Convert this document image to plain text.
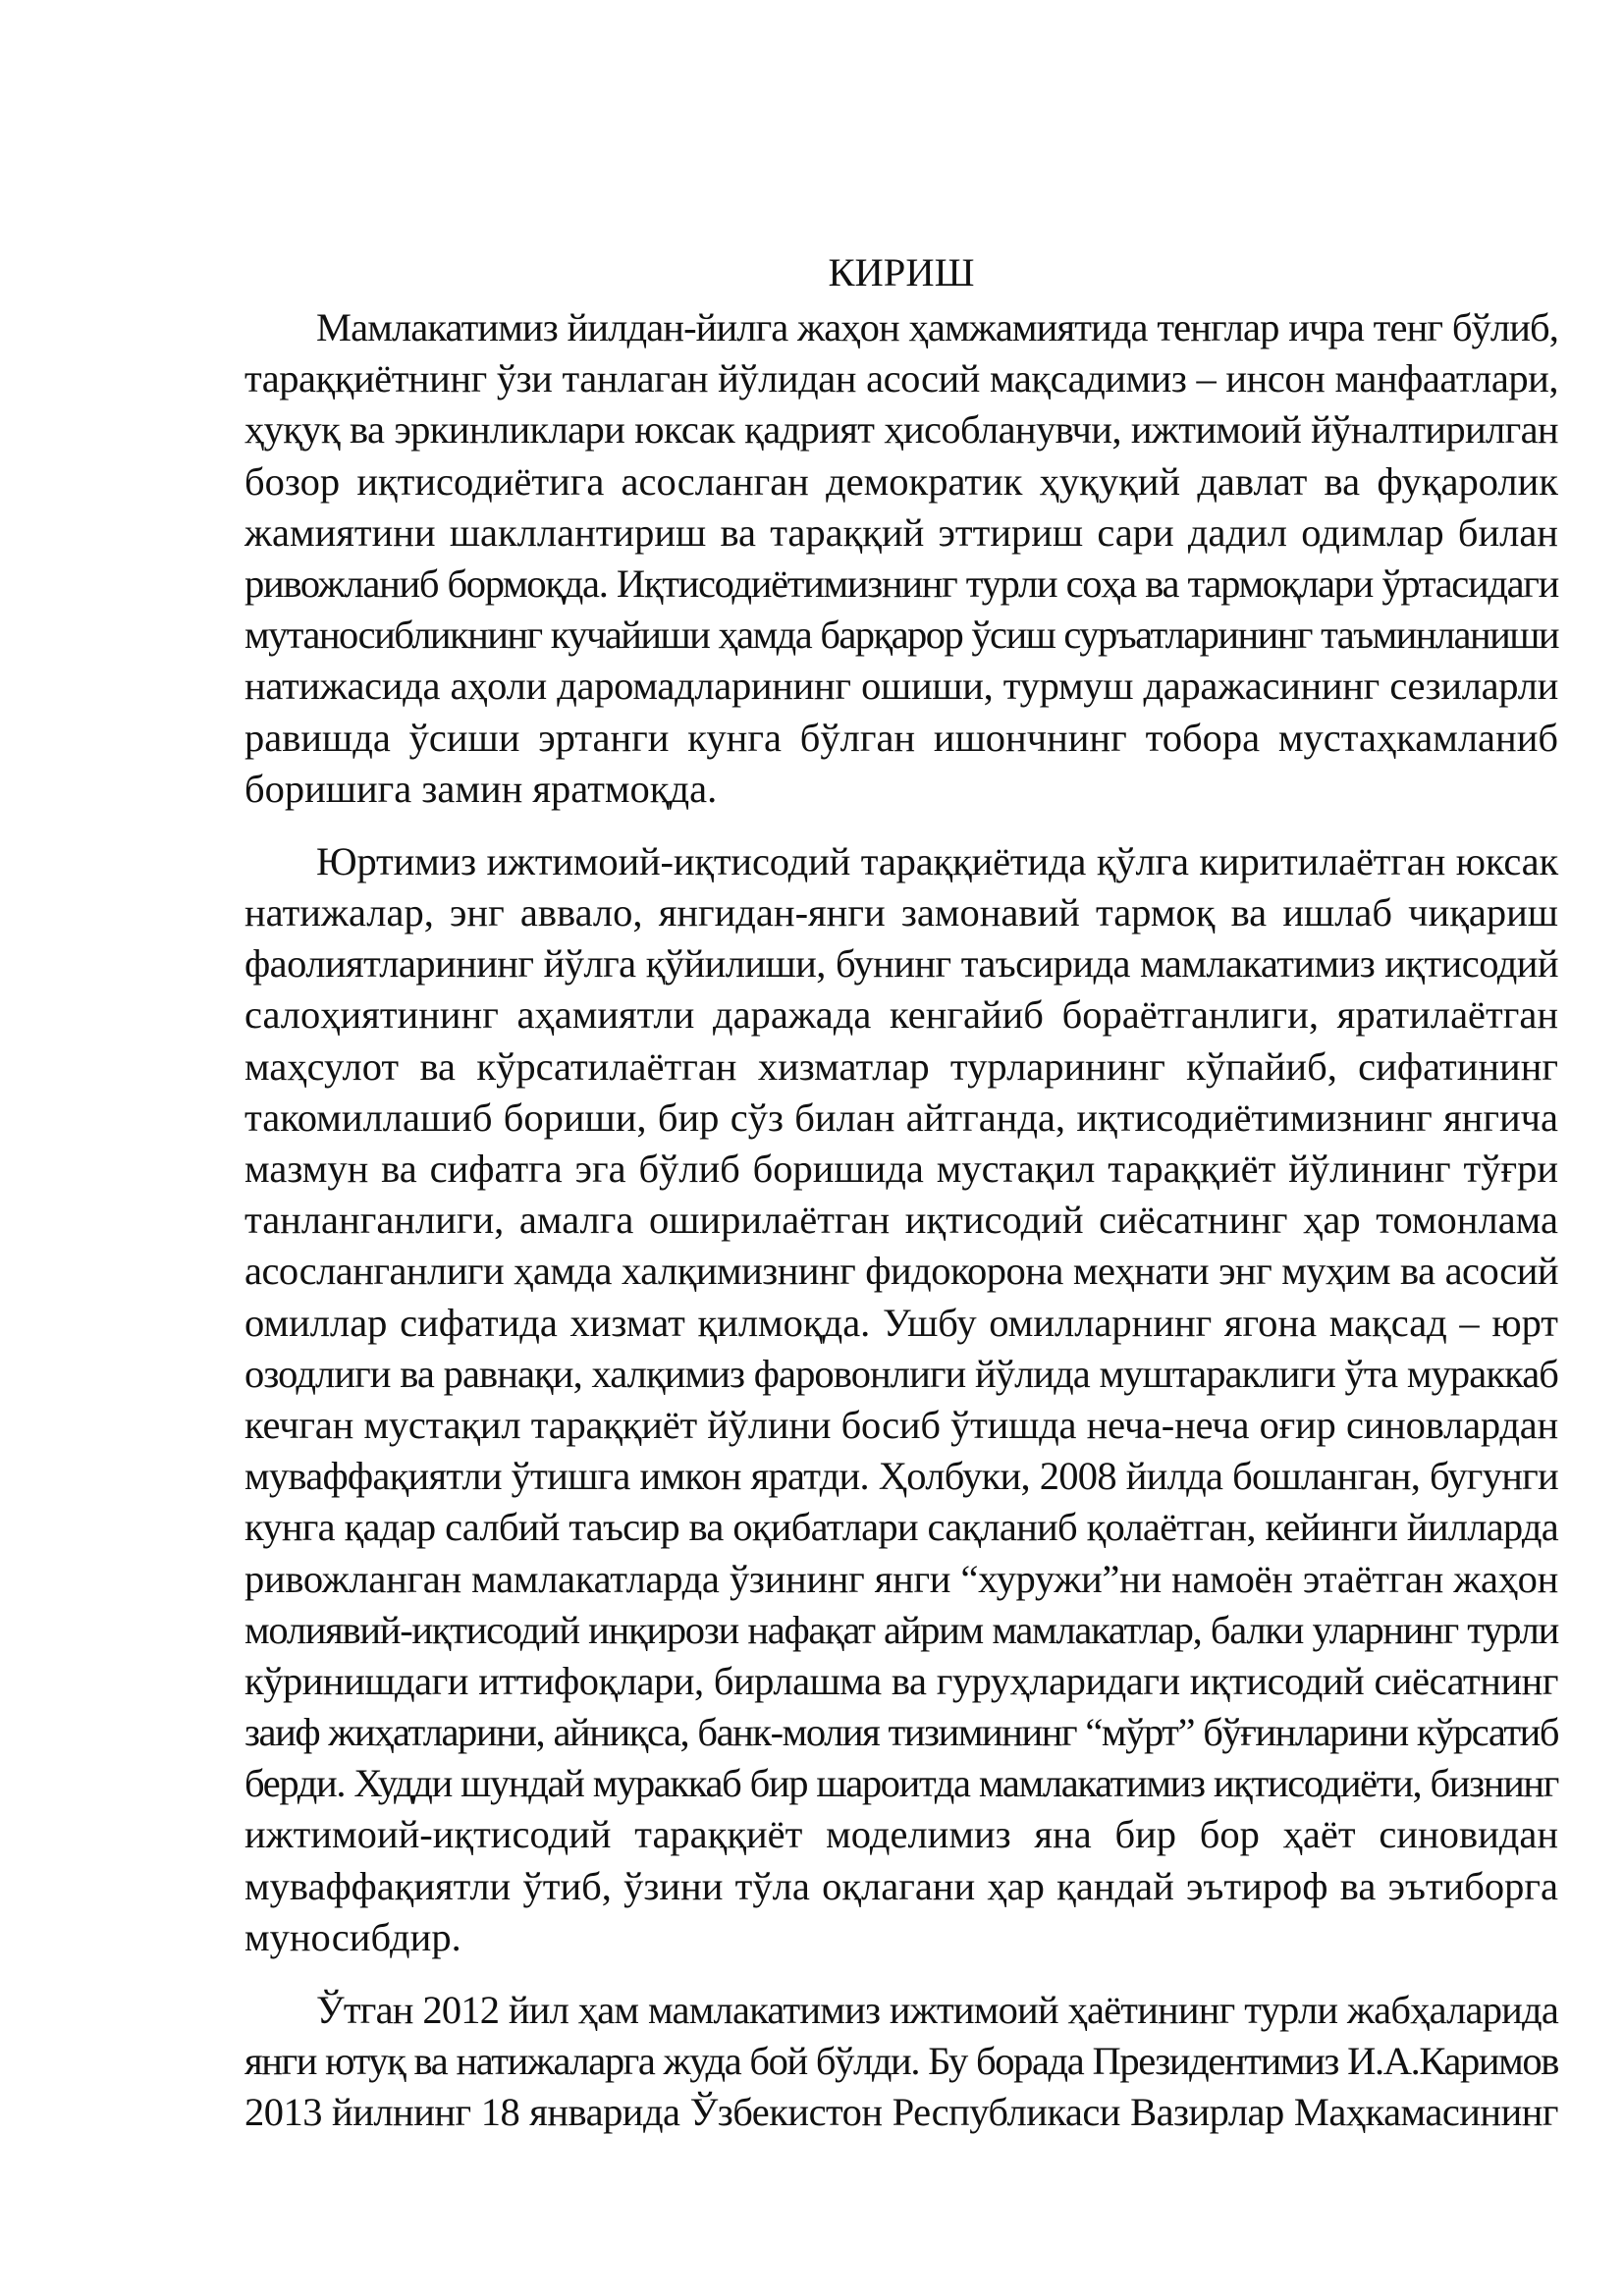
КИРИШ
Мамлакатимиз йилдан-йилга жаҳон ҳамжамиятида тенглар ичра тенг бўлиб,
тараққиётнинг ўзи танлаган йўлидан асосий мақсадимиз – инсон манфаатлари,
ҳуқуқ ва эркинликлари юксак қадрият ҳисобланувчи, ижтимоий йўналтирилган
бозор иқтисодиётига асосланган демократик ҳуқуқий давлат ва фуқаролик
жамиятини шакллантириш ва тараққий эттириш сари дадил одимлар билан
ривожланиб бормоқда. Иқтисодиётимизнинг турли соҳа ва тармоқлари ўртасидаги
мутаносибликнинг кучайиши ҳамда барқарор ўсиш суръатларининг таъминланиши
натижасида аҳоли даромадларининг ошиши, турмуш даражасининг сезиларли
равишда ўсиши эртанги кунга бўлган ишончнинг тобора мустаҳкамланиб
боришига замин яратмоқда.
Юртимиз ижтимоий-иқтисодий тараққиётида қўлга киритилаётган юксак
натижалар, энг аввало, янгидан-янги замонавий тармоқ ва ишлаб чиқариш
фаолиятларининг йўлга қўйилиши, бунинг таъсирида мамлакатимиз иқтисодий
салоҳиятининг аҳамиятли даражада кенгайиб бораётганлиги, яратилаётган
маҳсулот ва кўрсатилаётган хизматлар турларининг кўпайиб, сифатининг
такомиллашиб бориши, бир сўз билан айтганда, иқтисодиётимизнинг янгича
мазмун ва сифатга эга бўлиб боришида мустақил тараққиёт йўлининг тўғри
танланганлиги, амалга оширилаётган иқтисодий сиёсатнинг ҳар томонлама
асосланганлиги ҳамда халқимизнинг фидокорона меҳнати энг муҳим ва асосий
омиллар сифатида хизмат қилмоқда. Ушбу омилларнинг ягона мақсад – юрт
озодлиги ва равнақи, халқимиз фаровонлиги йўлида муштараклиги ўта мураккаб
кечган мустақил тараққиёт йўлини босиб ўтишда неча-неча оғир синовлардан
муваффақиятли ўтишга имкон яратди. Ҳолбуки, 2008 йилда бошланган, бугунги
кунга қадар салбий таъсир ва оқибатлари сақланиб қолаётган, кейинги йилларда
ривожланган мамлакатларда ўзининг янги “хуружи”ни намоён этаётган жаҳон
молиявий-иқтисодий инқирози нафақат айрим мамлакатлар, балки уларнинг турли
кўринишдаги иттифоқлари, бирлашма ва гуруҳларидаги иқтисодий сиёсатнинг
заиф жиҳатларини, айниқса, банк-молия тизимининг “мўрт” бўғинларини кўрсатиб
берди. Худди шундай мураккаб бир шароитда мамлакатимиз иқтисодиёти, бизнинг
ижтимоий-иқтисодий тараққиёт моделимиз яна бир бор ҳаёт синовидан
муваффақиятли ўтиб, ўзини тўла оқлагани ҳар қандай эътироф ва эътиборга
муносибдир.
Ўтган 2012 йил ҳам мамлакатимиз ижтимоий ҳаётининг турли жабҳаларида
янги ютуқ ва натижаларга жуда бой бўлди. Бу борада Президентимиз И.А.Каримов
2013 йилнинг 18 январида Ўзбекистон Республикаси Вазирлар Маҳкамасининг
